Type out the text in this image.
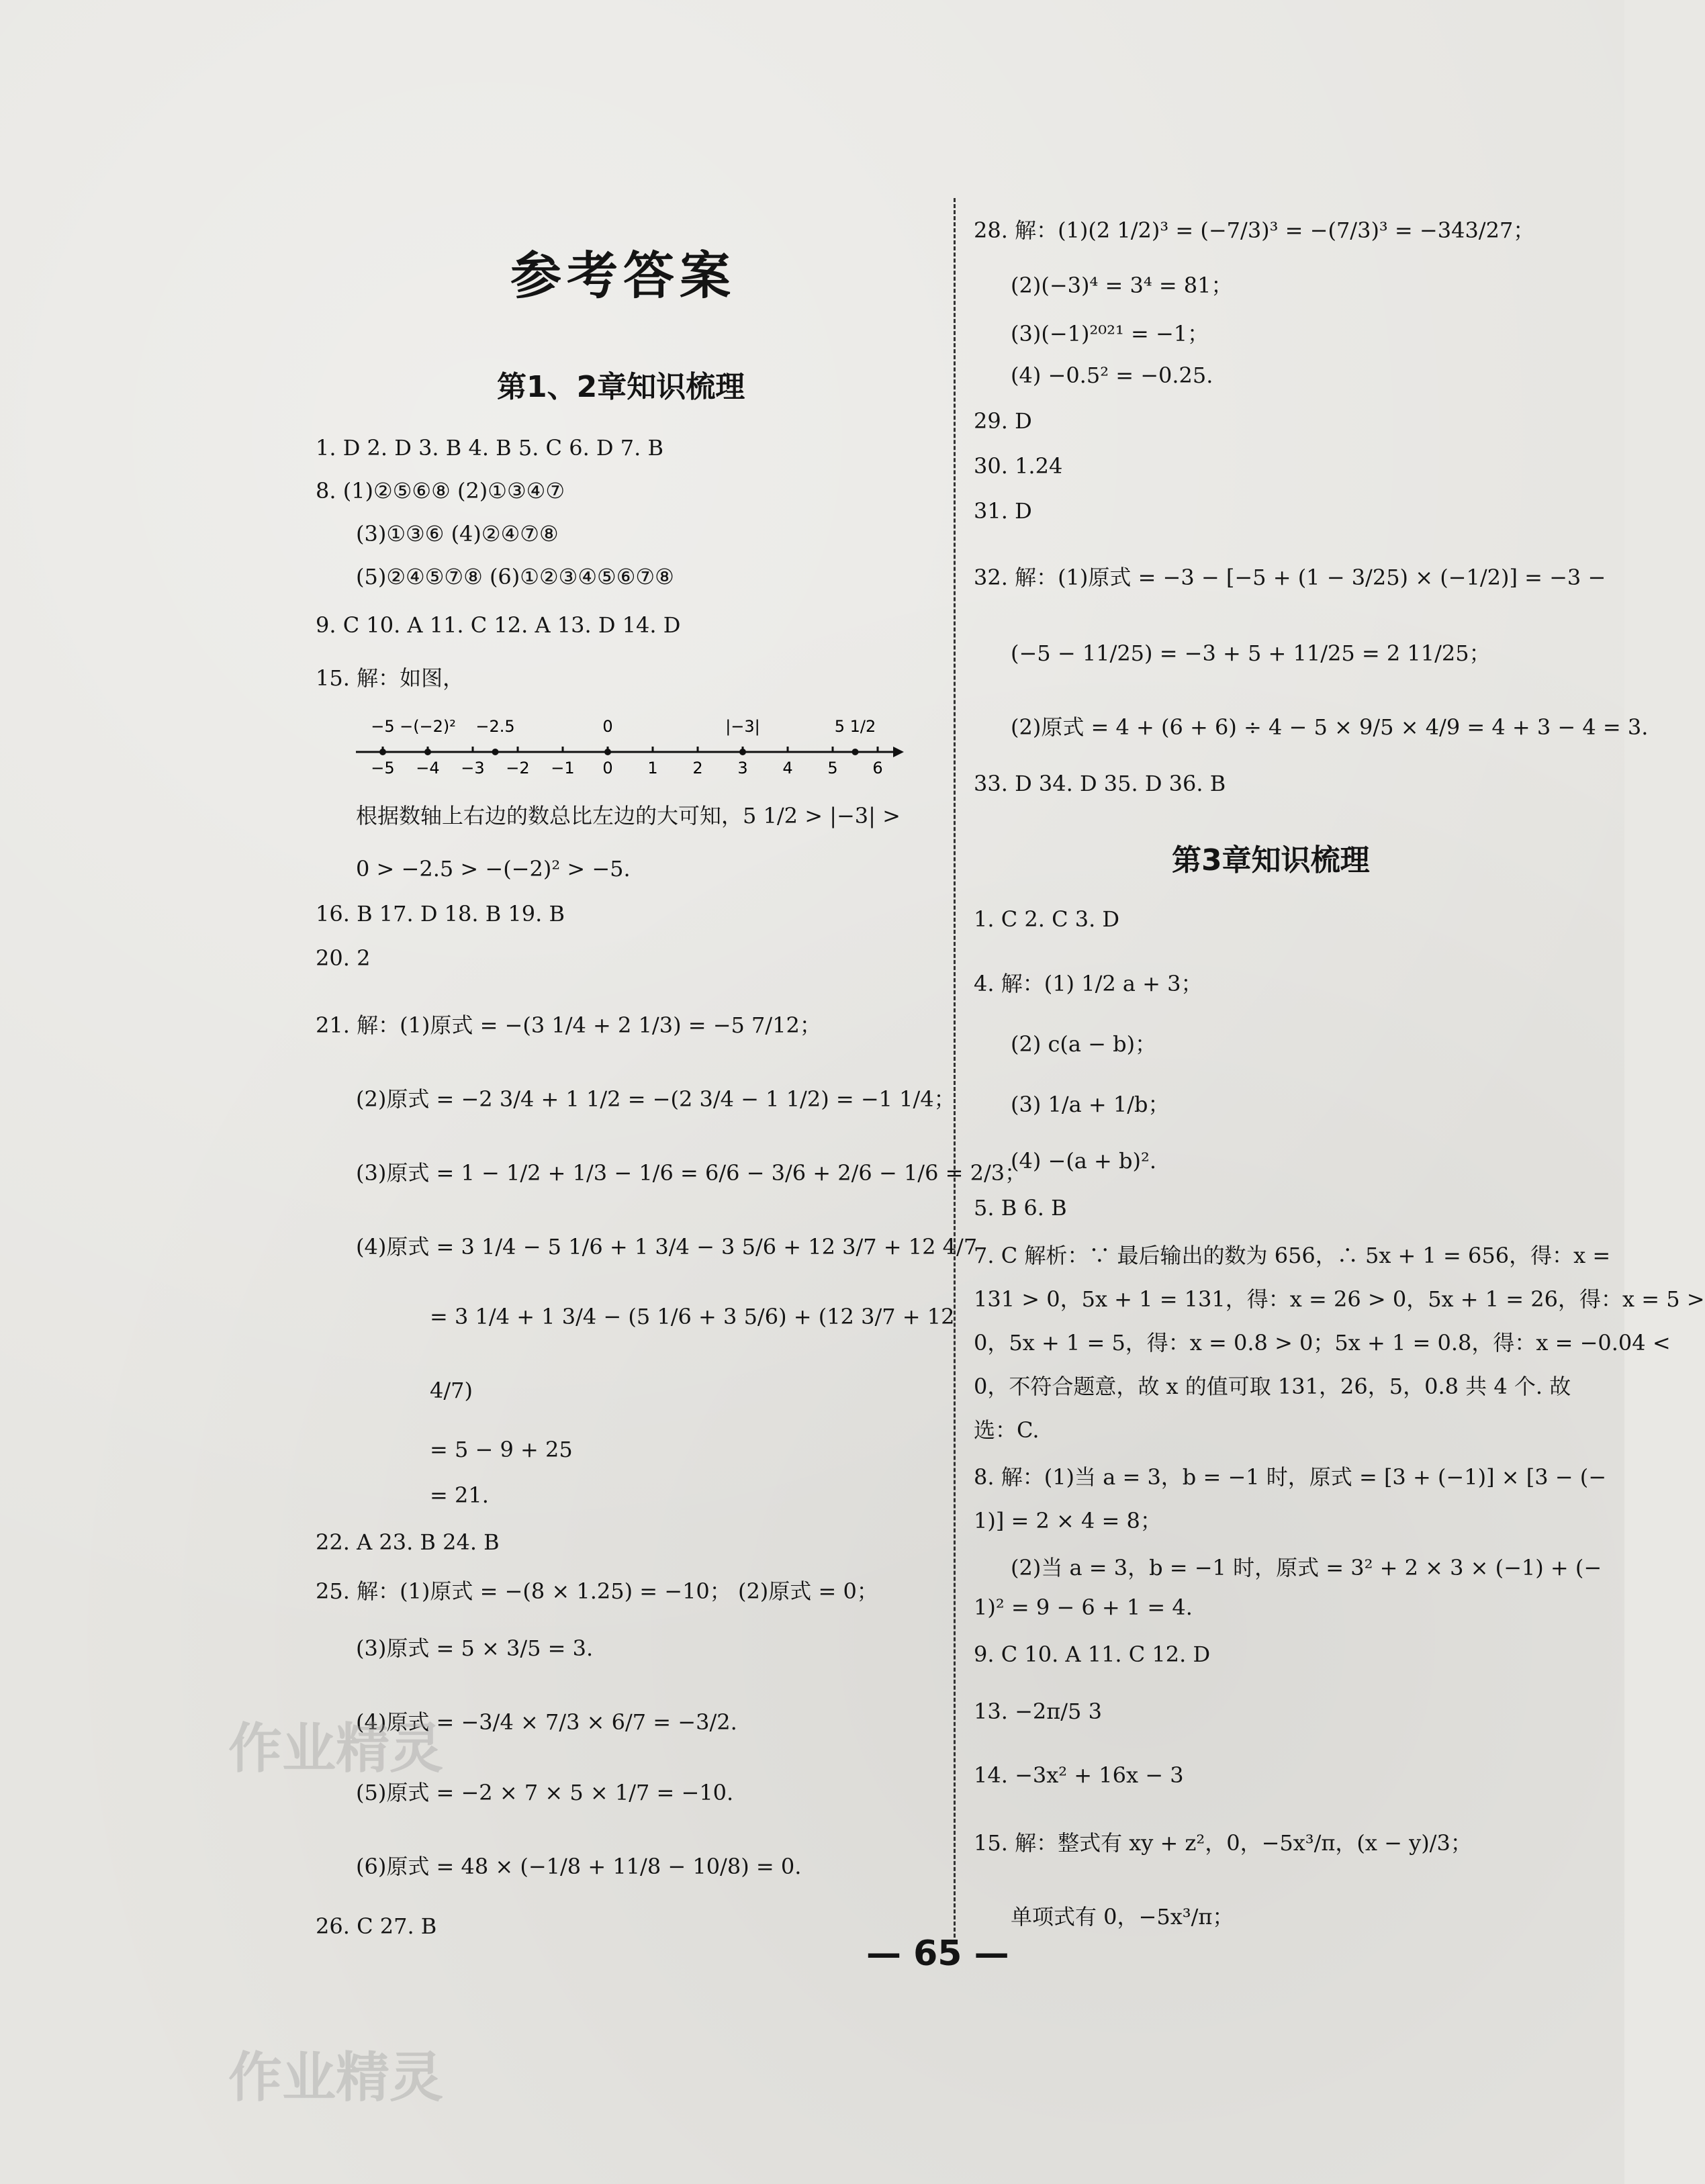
参考答案
第1、2章知识梳理
第3章知识梳理
1. D 2. D 3. B 4. B 5. C 6. D 7. B
8. (1)②⑤⑥⑧ (2)①③④⑦
(3)①③⑥ (4)②④⑦⑧
(5)②④⑤⑦⑧ (6)①②③④⑤⑥⑦⑧
9. C 10. A 11. C 12. A 13. D 14. D
15. 解：如图，
−5 −4 −3 −2 −1 0 1 2 3 4 5 6
−5 −(−2)² −2.5	0	|−3|	5 1/2
根据数轴上右边的数总比左边的大可知，5 1/2 > |−3| >
0 > −2.5 > −(−2)² > −5.
16. B 17. D 18. B 19. B
20. 2
21. 解：(1)原式 = −(3 1/4 + 2 1/3) = −5 7/12；
(2)原式 = −2 3/4 + 1 1/2 = −(2 3/4 − 1 1/2) = −1 1/4；
(3)原式 = 1 − 1/2 + 1/3 − 1/6 = 6/6 − 3/6 + 2/6 − 1/6 = 2/3；
(4)原式 = 3 1/4 − 5 1/6 + 1 3/4 − 3 5/6 + 12 3/7 + 12 4/7
= 3 1/4 + 1 3/4 − (5 1/6 + 3 5/6) + (12 3/7 + 12
4/7)
= 5 − 9 + 25
= 21.
22. A 23. B 24. B
25. 解：(1)原式 = −(8 × 1.25) = −10； (2)原式 = 0；
(3)原式 = 5 × 3/5 = 3.
(4)原式 = −3/4 × 7/3 × 6/7 = −3/2.
(5)原式 = −2 × 7 × 5 × 1/7 = −10.
(6)原式 = 48 × (−1/8 + 11/8 − 10/8) = 0.
26. C 27. B
28. 解：(1)(2 1/2)³ = (−7/3)³ = −(7/3)³ = −343/27；
(2)(−3)⁴ = 3⁴ = 81；
(3)(−1)²⁰²¹ = −1；
(4) −0.5² = −0.25.
29. D
30. 1.24
31. D
32. 解：(1)原式 = −3 − [−5 + (1 − 3/25) × (−1/2)] = −3 −
(−5 − 11/25) = −3 + 5 + 11/25 = 2 11/25；
(2)原式 = 4 + (6 + 6) ÷ 4 − 5 × 9/5 × 4/9 = 4 + 3 − 4 = 3.
33. D 34. D 35. D 36. B
1. C 2. C 3. D
4. 解：(1) 1/2 a + 3；
(2) c(a − b)；
(3) 1/a + 1/b；
(4) −(a + b)².
5. B 6. B
7. C 解析：∵ 最后输出的数为 656，∴ 5x + 1 = 656，得：x =
131 > 0，5x + 1 = 131，得：x = 26 > 0，5x + 1 = 26，得：x = 5 >
0，5x + 1 = 5，得：x = 0.8 > 0；5x + 1 = 0.8，得：x = −0.04 <
0，不符合题意，故 x 的值可取 131，26，5，0.8 共 4 个. 故
选：C.
8. 解：(1)当 a = 3，b = −1 时，原式 = [3 + (−1)] × [3 − (−
1)] = 2 × 4 = 8；
(2)当 a = 3，b = −1 时，原式 = 3² + 2 × 3 × (−1) + (−
1)² = 9 − 6 + 1 = 4.
9. C 10. A 11. C 12. D
13. −2π/5 3
14. −3x² + 16x − 3
15. 解：整式有 xy + z²，0，−5x³/π，(x − y)/3；
单项式有 0，−5x³/π；
— 65 —
作业精灵
作业精灵
